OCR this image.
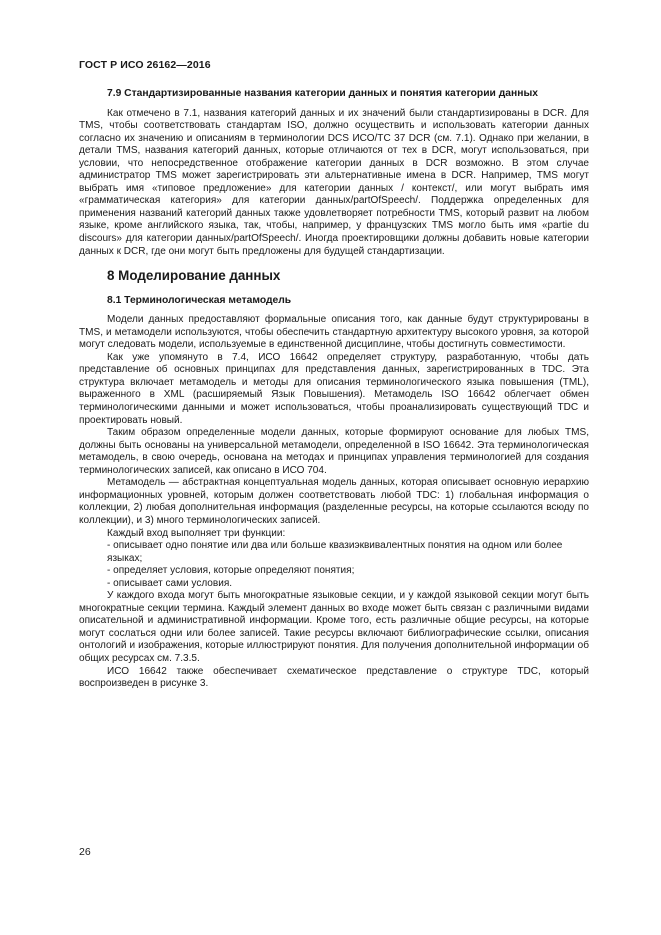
ГОСТ Р ИСО 26162—2016
7.9 Стандартизированные названия категории данных и понятия категории данных

Как отмечено в 7.1, названия категорий данных и их значений были стандартизированы в DCR. Для TMS, чтобы соответствовать стандартам ISO, должно осуществить и использовать категории данных согласно их значению и описаниям в терминологии DCS ИСО/TC 37 DCR (см. 7.1). Однако при желании, в детали TMS, названия категорий данных, которые отличаются от тех в DCR, могут использоваться, при условии, что непосредственное отображение категории данных в DCR возможно. В этом случае администратор TMS может зарегистрировать эти альтернативные имена в DCR. Например, TMS могут выбрать имя «типовое предложение» для категории данных / контекст/, или могут выбрать имя «грамматическая категория» для категории данных/partOfSpeech/. Поддержка определенных для применения названий категорий данных также удовлетворяет потребности TMS, который развит на любом языке, кроме английского языка, так, чтобы, например, у французских TMS могло быть имя «partie du discours» для категории данных/partOfSpeech/. Иногда проектировщики должны добавить новые категории данных к DCR, где они могут быть предложены для будущей стандартизации.

8 Моделирование данных
8.1 Терминологическая метамодель

Модели данных предоставляют формальные описания того, как данные будут структурированы в TMS, и метамодели используются, чтобы обеспечить стандартную архитектуру высокого уровня, за которой могут следовать модели, используемые в единственной дисциплине, чтобы достигнуть совместимости.

Как уже упомянуто в 7.4, ИСО 16642 определяет структуру, разработанную, чтобы дать представление об основных принципах для представления данных, зарегистрированных в TDC. Эта структура включает метамодель и методы для описания терминологического языка повышения (TML), выраженного в XML (расширяемый Язык Повышения). Метамодель ISO 16642 облегчает обмен терминологическими данными и может использоваться, чтобы проанализировать существующий TDC и проектировать новый.

Таким образом определенные модели данных, которые формируют основание для любых TMS, должны быть основаны на универсальной метамодели, определенной в ISO 16642. Эта терминологическая метамодель, в свою очередь, основана на методах и принципах управления терминологией для создания терминологических записей, как описано в ИСО 704.

Метамодель — абстрактная концептуальная модель данных, которая описывает основную иерархию информационных уровней, которым должен соответствовать любой TDC: 1) глобальная информация о коллекции, 2) любая дополнительная информация (разделенные ресурсы, на которые ссылаются всюду по коллекции), и 3) много терминологических записей.

Каждый вход выполняет три функции:

- описывает одно понятие или два или больше квазиэквивалентных понятия на одном или более языках;

- определяет условия, которые определяют понятия;

- описывает сами условия.

У каждого входа могут быть многократные языковые секции, и у каждой языковой секции могут быть многократные секции термина. Каждый элемент данных во входе может быть связан с различными видами описательной и административной информации. Кроме того, есть различные общие ресурсы, на которые могут сослаться одни или более записей. Такие ресурсы включают библиографические ссылки, описания онтологий и изображения, которые иллюстрируют понятия. Для получения дополнительной информации об общих ресурсах см. 7.3.5.

ИСО 16642 также обеспечивает схематическое представление о структуре TDC, который воспроизведен в рисунке 3.

26
